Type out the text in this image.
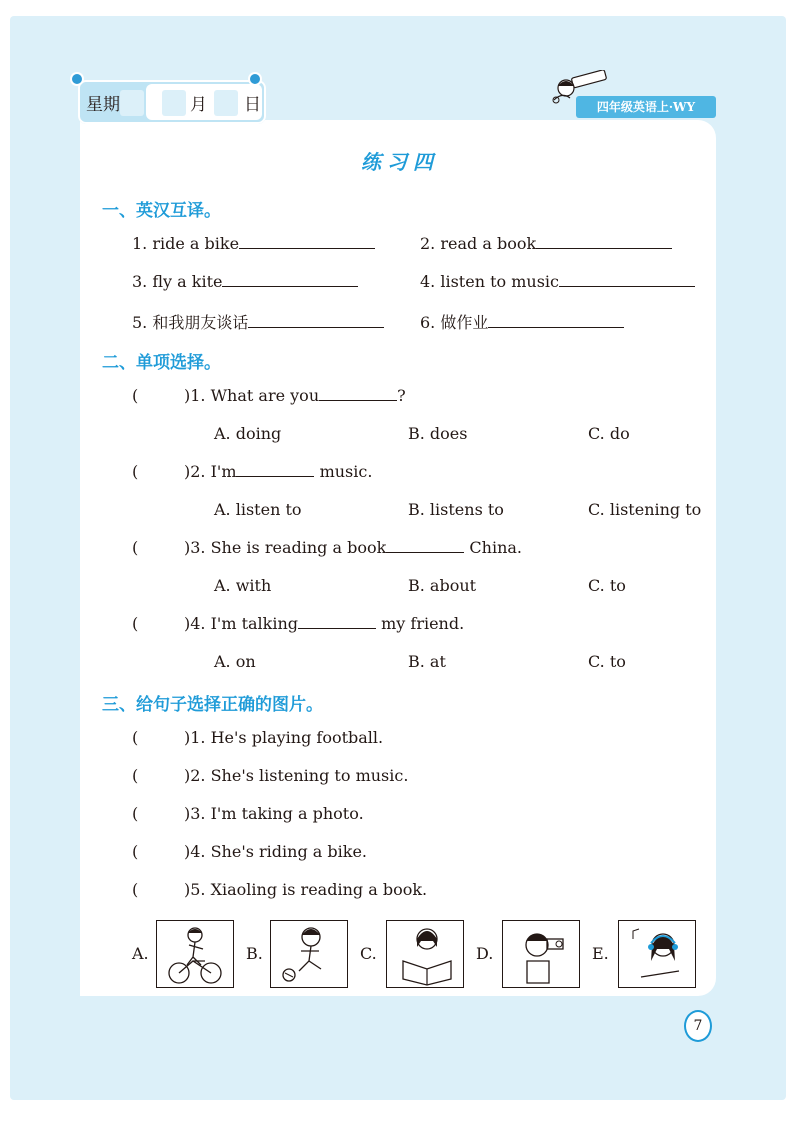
星期	月 日	四年级英语上·WY
练习四
一、英汉互译。
1. ride a bike	2. read a book
3. fly a kite	4. listen to music
5. 和我朋友谈话	6. 做作业
二、单项选择。
(	)1. What are you	?
A. doing	B. does	C. do
(	)2. I'm	music.
A. listen to	B. listens to	C. listening to
(	)3. She is reading a book	China.
A. with	B. about	C. to
(	)4. I'm talking	my friend.
A. on	B. at	C. to
三、给句子选择正确的图片。
(	)1. He's playing football.
(	)2. She's listening to music.
(	)3. I'm taking a photo.
(	)4. She's riding a bike.
(	)5. Xiaoling is reading a book.
A.	B.	C.	D.	E.
7
